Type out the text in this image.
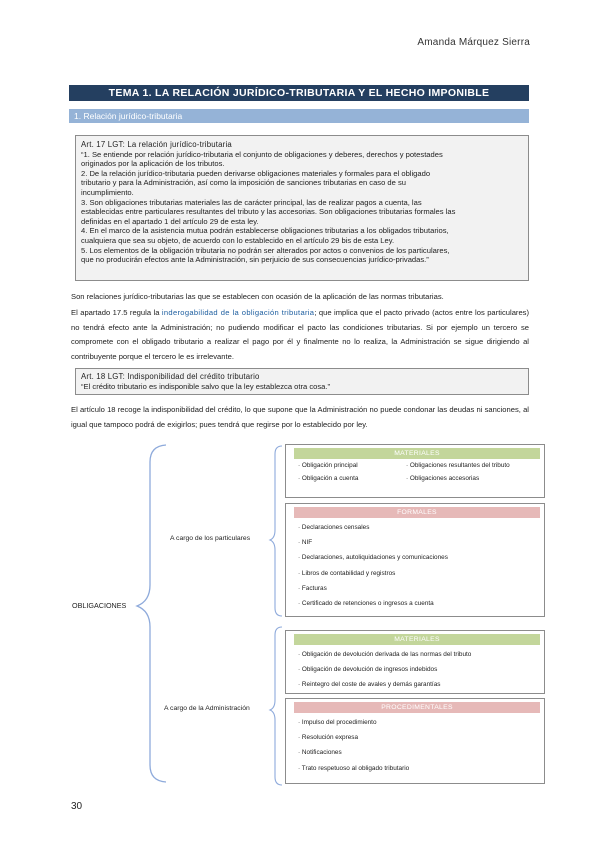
Amanda Márquez Sierra
TEMA 1. LA RELACIÓN JURÍDICO-TRIBUTARIA Y EL HECHO IMPONIBLE
1. Relación jurídico-tributaria
Art. 17 LGT: La relación jurídico-tributaria
“1. Se entiende por relación jurídico-tributaria el conjunto de obligaciones y deberes, derechos y potestades
originados por la aplicación de los tributos.
2. De la relación jurídico-tributaria pueden derivarse obligaciones materiales y formales para el obligado
tributario y para la Administración, así como la imposición de sanciones tributarias en caso de su
incumplimiento.
3. Son obligaciones tributarias materiales las de carácter principal, las de realizar pagos a cuenta, las
establecidas entre particulares resultantes del tributo y las accesorias. Son obligaciones tributarias formales las
definidas en el apartado 1 del artículo 29 de esta ley.
4. En el marco de la asistencia mutua podrán establecerse obligaciones tributarias a los obligados tributarios,
cualquiera que sea su objeto, de acuerdo con lo establecido en el artículo 29 bis de esta Ley.
5. Los elementos de la obligación tributaria no podrán ser alterados por actos o convenios de los particulares,
que no producirán efectos ante la Administración, sin perjuicio de sus consecuencias jurídico-privadas.”
Son relaciones jurídico-tributarias las que se establecen con ocasión de la aplicación de las normas tributarias.
El apartado 17.5 regula la inderogabilidad de la obligación tributaria; que implica que el pacto privado (actos entre los particulares) no tendrá efecto ante la Administración; no pudiendo modificar el pacto las condiciones tributarias. Si por ejemplo un tercero se compromete con el obligado tributario a realizar el pago por él y finalmente no lo realiza, la Administración se sigue dirigiendo al contribuyente porque el tercero le es irrelevante.
Art. 18 LGT: Indisponibilidad del crédito tributario
“El crédito tributario es indisponible salvo que la ley establezca otra cosa.”
El artículo 18 recoge la indisponibilidad del crédito, lo que supone que la Administración no puede condonar las deudas ni sanciones, al igual que tampoco podrá de exigirlos; pues tendrá que regirse por lo establecido por ley.
OBLIGACIONES
A cargo de los particulares
A cargo de la Administración
MATERIALES
· Obligación principal	· Obligaciones resultantes del tributo
· Obligación a cuenta	· Obligaciones accesorias
FORMALES
· Declaraciones censales
· NIF
· Declaraciones, autoliquidaciones y comunicaciones
· Libros de contabilidad y registros
· Facturas
· Certificado de retenciones o ingresos a cuenta
MATERIALES
· Obligación de devolución derivada de las normas del tributo
· Obligación de devolución de ingresos indebidos
· Reintegro del coste de avales y demás garantías
PROCEDIMENTALES
· Impulso del procedimiento
· Resolución expresa
· Notificaciones
· Trato respetuoso al obligado tributario
30
